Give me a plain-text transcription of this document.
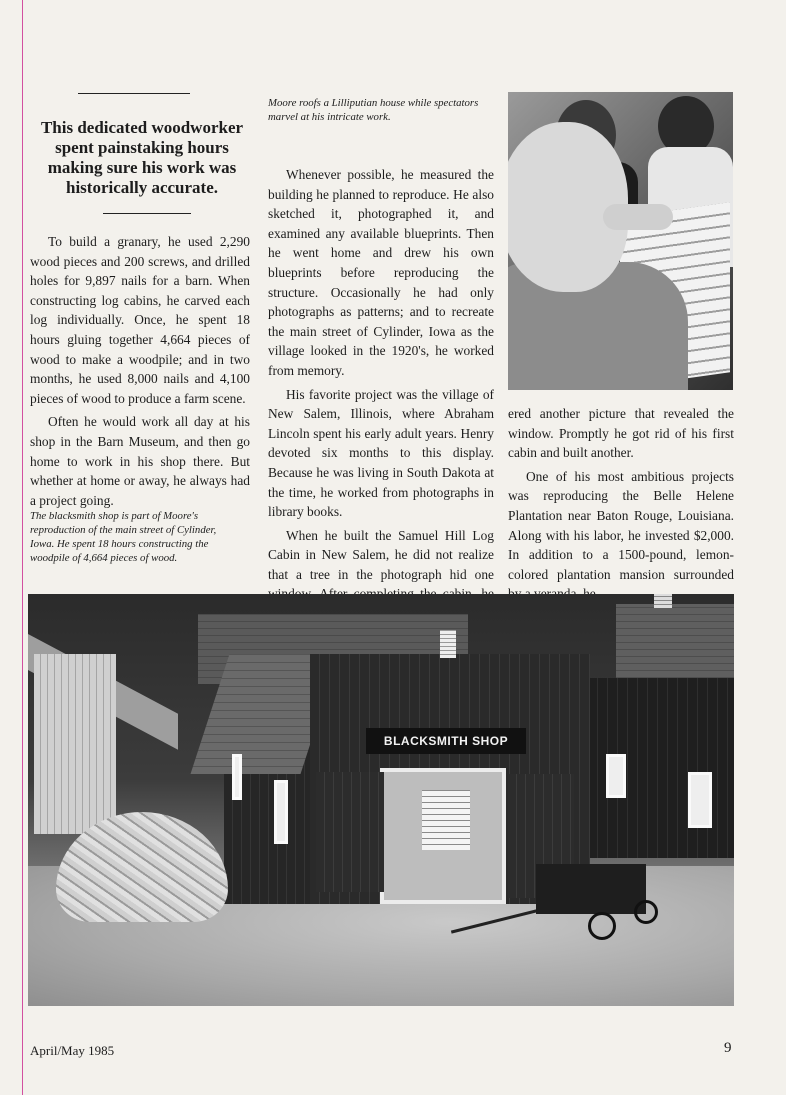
This dedicated woodworker spent painstaking hours making sure his work was historically accurate.

To build a granary, he used 2,290 wood pieces and 200 screws, and drilled holes for 9,897 nails for a barn. When constructing log cabins, he carved each log individually. Once, he spent 18 hours gluing together 4,664 pieces of wood to make a woodpile; and in two months, he used 8,000 nails and 4,100 pieces of wood to produce a farm scene.

Often he would work all day at his shop in the Barn Museum, and then go home to work in his shop there. But whether at home or away, he always had a project going.

The blacksmith shop is part of Moore's reproduction of the main street of Cylinder, Iowa. He spent 18 hours constructing the woodpile of 4,664 pieces of wood.
Moore roofs a Lilliputian house while spectators marvel at his intricate work.

Whenever possible, he measured the building he planned to reproduce. He also sketched it, photographed it, and examined any available blueprints. Then he went home and drew his own blueprints before reproducing the structure. Occasionally he had only photographs as patterns; and to recreate the main street of Cylinder, Iowa as the village looked in the 1920's, he worked from memory.

His favorite project was the village of New Salem, Illinois, where Abraham Lincoln spent his early adult years. Henry devoted six months to this display. Because he was living in South Dakota at the time, he worked from photographs in library books.

When he built the Samuel Hill Log Cabin in New Salem, he did not realize that a tree in the photograph hid one

ered another picture that revealed the window. Promptly he got rid of his first cabin and built another.

One of his most ambitious projects was reproducing the Belle Helene Plantation near Baton Rouge, Louisiana. Along with his labor, he invested $2,000. In addition to a 1500-pound, lemon-colored plantation mansion surrounded

BLACKSMITH SHOP
April/May 1985	9
